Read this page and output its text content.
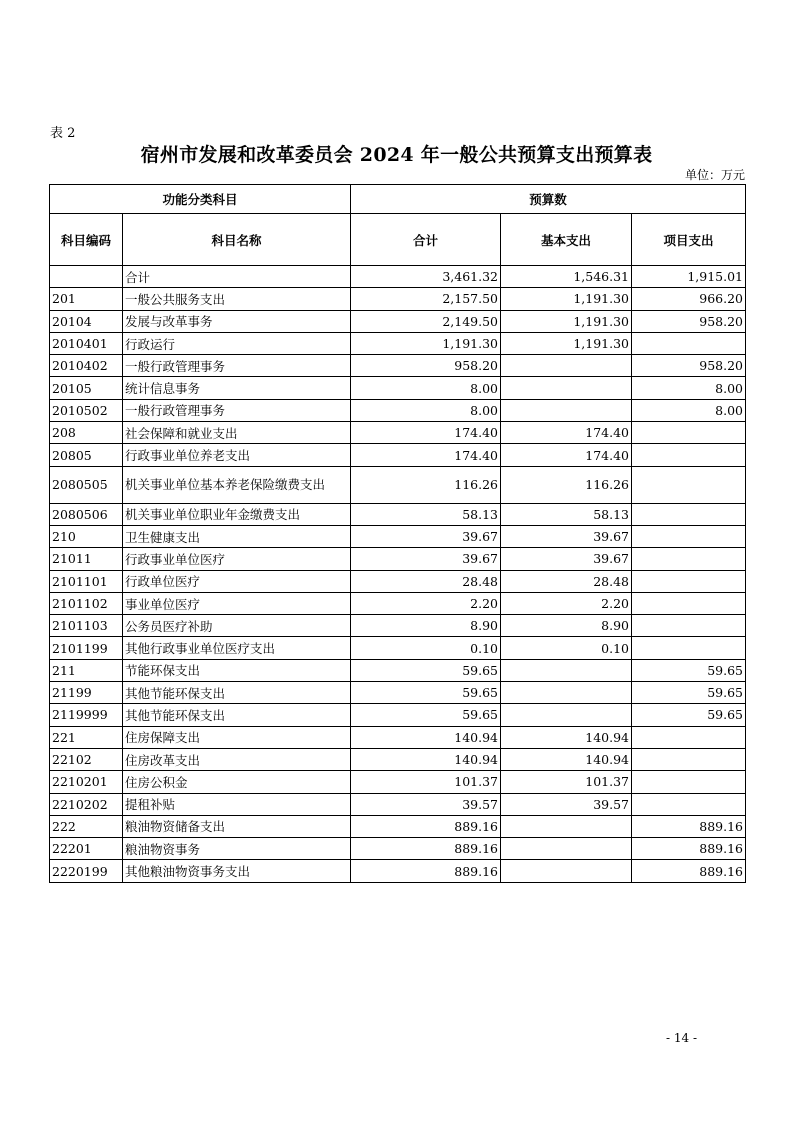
表 2
宿州市发展和改革委员会 2024 年一般公共预算支出预算表
单位：万元
功能分类科目		预算数		
科目编码	科目名称	合计	基本支出	项目支出
	合计	3,461.32	1,546.31	1,915.01
201	一般公共服务支出	2,157.50	1,191.30	966.20
20104	发展与改革事务	2,149.50	1,191.30	958.20
2010401	行政运行	1,191.30	1,191.30	
2010402	一般行政管理事务	958.20		958.20
20105	统计信息事务	8.00		8.00
2010502	一般行政管理事务	8.00		8.00
208	社会保障和就业支出	174.40	174.40	
20805	行政事业单位养老支出	174.40	174.40	
2080505	机关事业单位基本养老保险缴费支出	116.26	116.26	
2080506	机关事业单位职业年金缴费支出	58.13	58.13	
210	卫生健康支出	39.67	39.67	
21011	行政事业单位医疗	39.67	39.67	
2101101	行政单位医疗	28.48	28.48	
2101102	事业单位医疗	2.20	2.20	
2101103	公务员医疗补助	8.90	8.90	
2101199	其他行政事业单位医疗支出	0.10	0.10	
211	节能环保支出	59.65		59.65
21199	其他节能环保支出	59.65		59.65
2119999	其他节能环保支出	59.65		59.65
221	住房保障支出	140.94	140.94	
22102	住房改革支出	140.94	140.94	
2210201	住房公积金	101.37	101.37	
2210202	提租补贴	39.57	39.57	
222	粮油物资储备支出	889.16		889.16
22201	粮油物资事务	889.16		889.16
2220199	其他粮油物资事务支出	889.16		889.16
- 14 -
